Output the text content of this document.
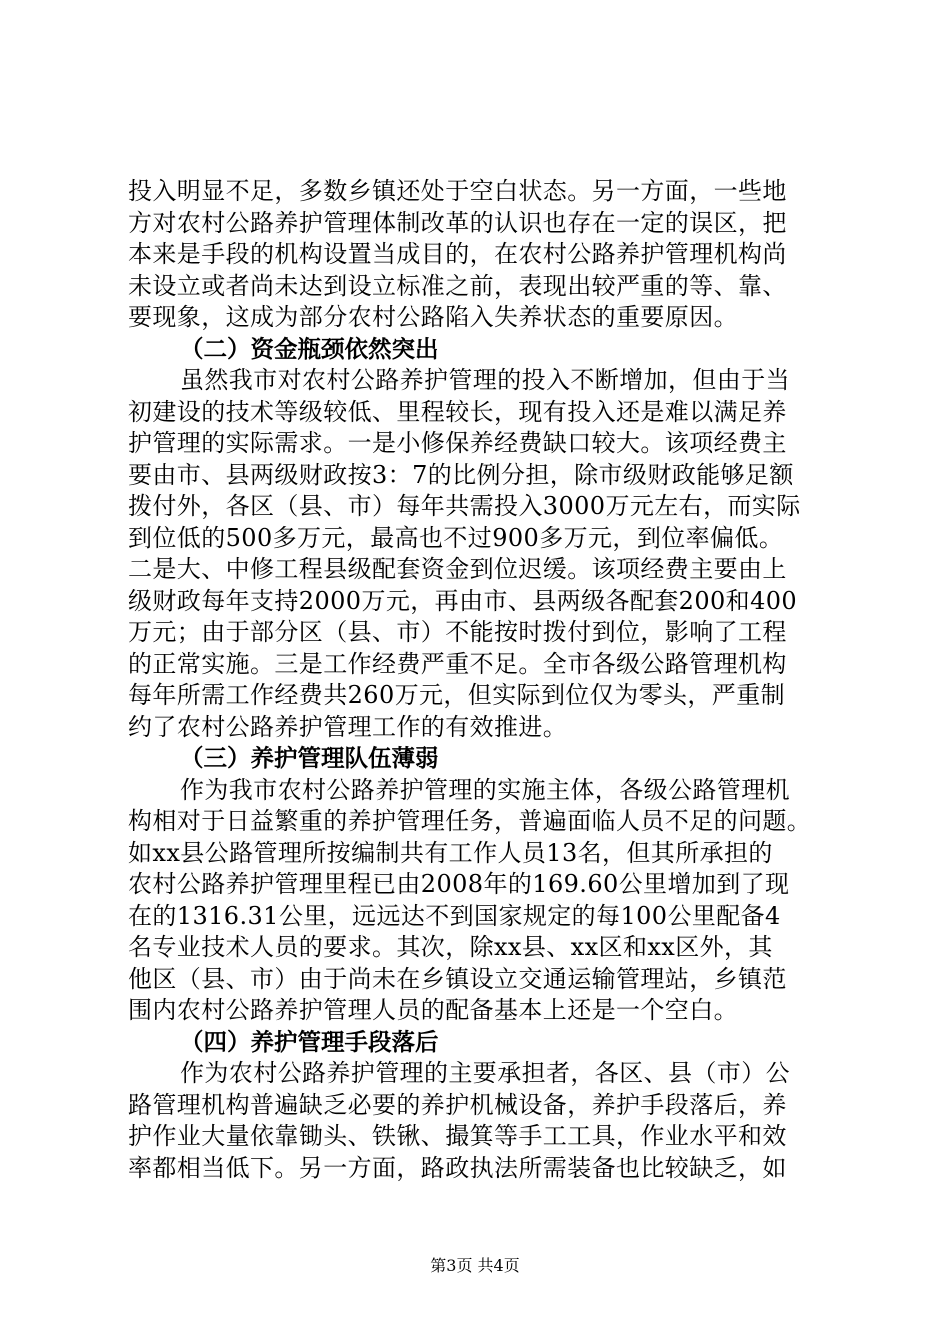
投入明显不足，多数乡镇还处于空白状态。另一方面，一些地
方对农村公路养护管理体制改革的认识也存在一定的误区，把
本来是手段的机构设置当成目的，在农村公路养护管理机构尚
未设立或者尚未达到设立标准之前，表现出较严重的等、靠、
要现象，这成为部分农村公路陷入失养状态的重要原因。
（二）资金瓶颈依然突出
虽然我市对农村公路养护管理的投入不断增加，但由于当
初建设的技术等级较低、里程较长，现有投入还是难以满足养
护管理的实际需求。一是小修保养经费缺口较大。该项经费主
要由市、县两级财政按3：7的比例分担，除市级财政能够足额
拨付外，各区（县、市）每年共需投入3000万元左右，而实际
到位低的500多万元，最高也不过900多万元，到位率偏低。
二是大、中修工程县级配套资金到位迟缓。该项经费主要由上
级财政每年支持2000万元，再由市、县两级各配套200和400
万元；由于部分区（县、市）不能按时拨付到位，影响了工程
的正常实施。三是工作经费严重不足。全市各级公路管理机构
每年所需工作经费共260万元，但实际到位仅为零头，严重制
约了农村公路养护管理工作的有效推进。
（三）养护管理队伍薄弱
作为我市农村公路养护管理的实施主体，各级公路管理机
构相对于日益繁重的养护管理任务，普遍面临人员不足的问题。
如xx县公路管理所按编制共有工作人员13名，但其所承担的
农村公路养护管理里程已由2008年的169.60公里增加到了现
在的1316.31公里，远远达不到国家规定的每100公里配备4
名专业技术人员的要求。其次，除xx县、xx区和xx区外，其
他区（县、市）由于尚未在乡镇设立交通运输管理站，乡镇范
围内农村公路养护管理人员的配备基本上还是一个空白。
（四）养护管理手段落后
作为农村公路养护管理的主要承担者，各区、县（市）公
路管理机构普遍缺乏必要的养护机械设备，养护手段落后，养
护作业大量依靠锄头、铁锹、撮箕等手工工具，作业水平和效
率都相当低下。另一方面，路政执法所需装备也比较缺乏，如
第3页 共4页
